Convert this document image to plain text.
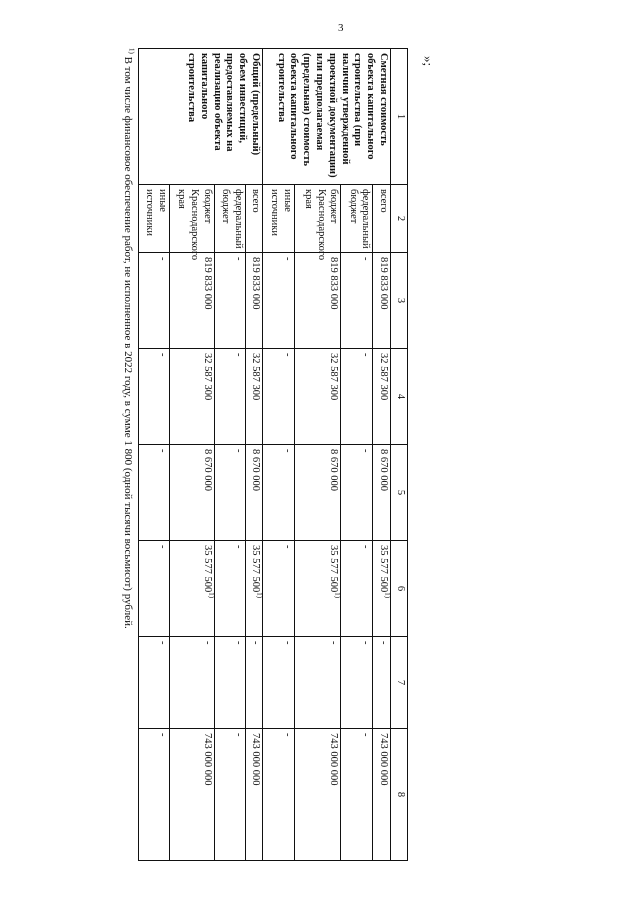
3
»;
1	2	3	4	5	6	7	8
Сметная стоимость объекта капитального строительства (при наличии утвержденной проектной документации) или предполагаемая (предельная) стоимость объекта капитального строительства	всего	819 833 000	32 587 300	8 670 000	35 577 500$^{1)}$	-	743 000 000
	федеральный бюджет	-	-	-	-	-	-
	бюджет Краснодарского края	819 833 000	32 587 300	8 670 000	35 577 500$^{1)}$	-	743 000 000
	иные источники	-	-	-	-	-	-
Общий (предельный) объем инвестиций, предоставляемых на реализацию объекта капитального строительства	всего	819 833 000	32 587 300	8 670 000	35 577 500$^{1)}$	-	743 000 000
	федеральный бюджет	-	-	-	-	-	-
	бюджет Краснодарского края	819 833 000	32 587 300	8 670 000	35 577 500$^{1)}$	-	743 000 000
	иные источники	-	-	-	-	-	-
$^{1)}$ В том числе финансовое обеспечение работ, не исполненное в 2022 году, в сумме 1 800 (одной тысячи восьмисот) рублей.
